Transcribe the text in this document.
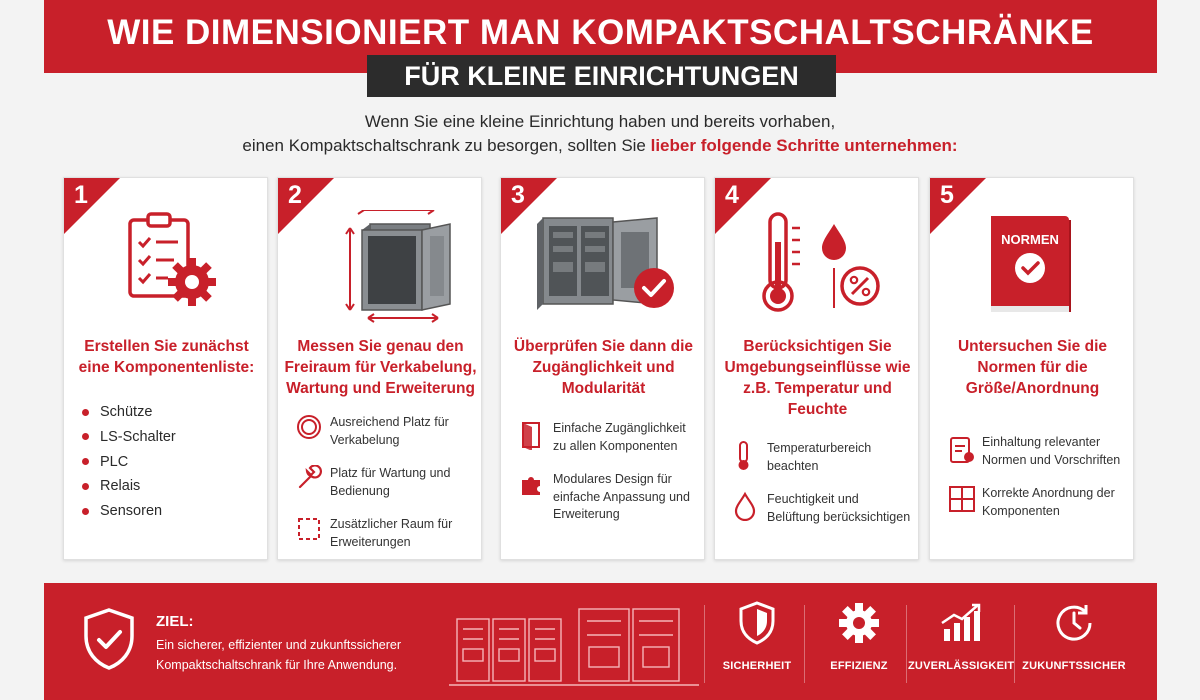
WIE DIMENSIONIERT MAN KOMPAKTSCHALTSCHRÄNKE
FÜR KLEINE EINRICHTUNGEN
Wenn Sie eine kleine Einrichtung haben und bereits vorhaben,
einen Kompaktschaltschrank zu besorgen, sollten Sie lieber folgende Schritte unternehmen:
1
Erstellen Sie zunächst eine Komponentenliste:
Schütze
LS-Schalter
PLC
Relais
Sensoren
2
Messen Sie genau den Freiraum für Verkabelung, Wartung und Erweiterung
Ausreichend Platz für Verkabelung
Platz für Wartung und Bedienung
Zusätzlicher Raum für Erweiterungen
3
Überprüfen Sie dann die Zugänglichkeit und Modularität
Einfache Zugänglichkeit zu allen Komponenten
Modulares Design für einfache Anpassung und Erweiterung
4
Berücksichtigen Sie Umgebungseinflüsse wie z.B. Temperatur und Feuchte
Temperaturbereich beachten
Feuchtigkeit und Belüftung berücksichtigen
5
NORMEN
Untersuchen Sie die Normen für die Größe/Anordnung
Einhaltung relevanter Normen und Vorschriften
Korrekte Anordnung der Komponenten
ZIEL:
Ein sicherer, effizienter und zukunftssicherer Kompaktschaltschrank für Ihre Anwendung.	SICHERHEIT	EFFIZIENZ	ZUVERLÄSSIGKEIT ZUKUNFTSSICHER
